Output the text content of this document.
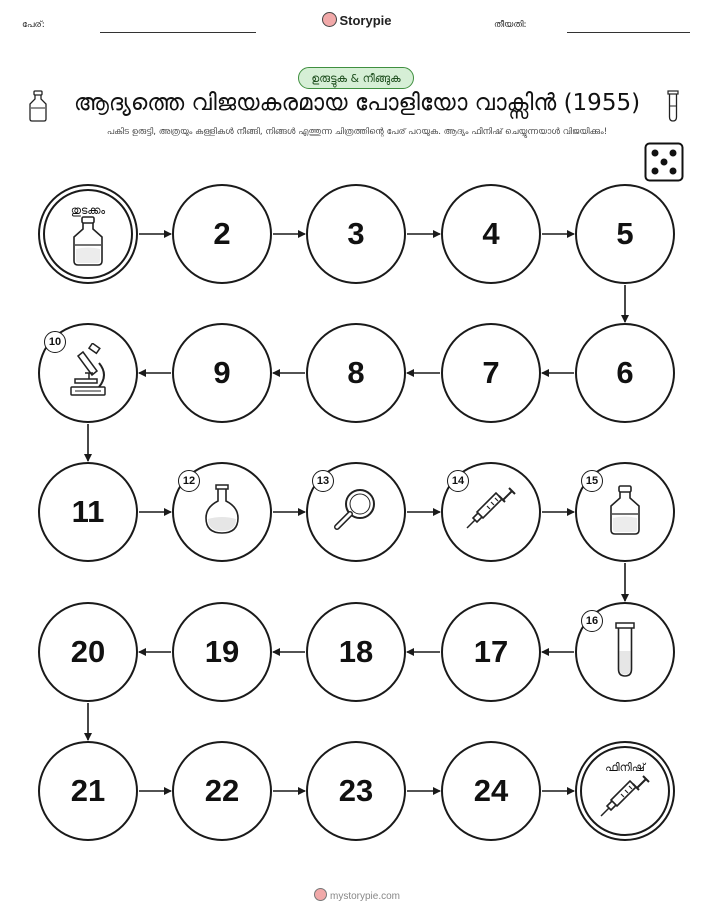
പേര്:	Storypie	തീയതി:
ഉരുട്ടുക & നീങ്ങുക
ആദ്യത്തെ വിജയകരമായ പോളിയോ വാക്സിൻ (1955)
പകിട ഉരുട്ടി, അത്രയും കള്ളികൾ നീങ്ങി, നിങ്ങൾ എത്തുന്ന ചിത്രത്തിന്റെ പേര് പറയുക. ആദ്യം ഫിനിഷ് ചെയ്യുന്നയാൾ വിജയിക്കും!
തുടക്കം
2	3	4	5
6
7
8
9
10
11
12	13	14	15
16
17
18
19
20
21	22	23	24
ഫിനിഷ്
mystorypie.com
